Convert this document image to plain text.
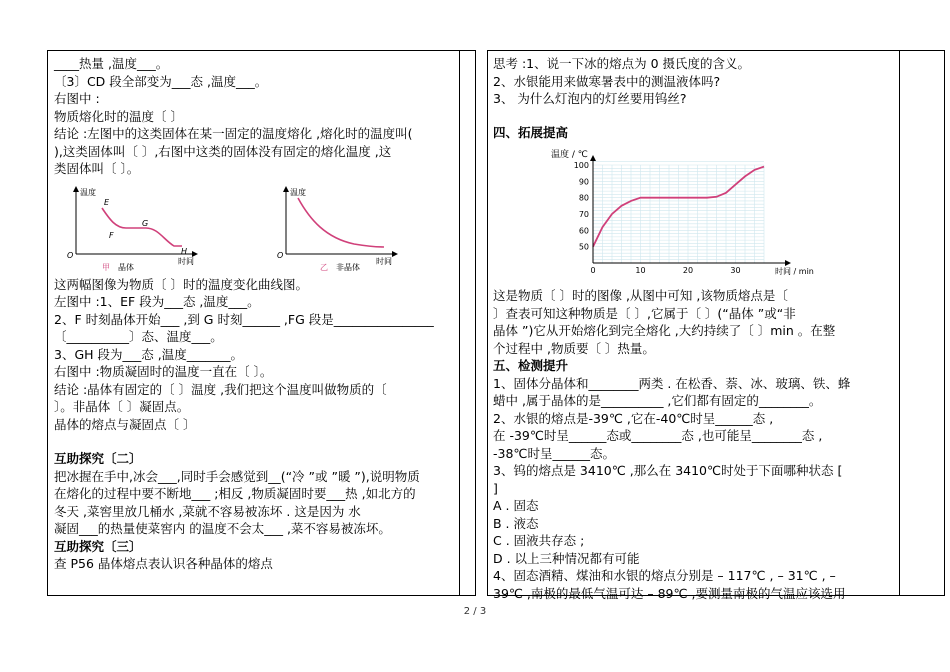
____热量 ,温度___。
〔3〕CD 段全部变为___态 ,温度___。
右图中 :
物质熔化时的温度〔 〕
结论 :左图中的这类固体在某一固定的温度熔化 ,熔化时的温度叫(
),这类固体叫〔 〕,右图中这类的固体没有固定的熔化温度 ,这
类固体叫〔 〕。
温度
时间
O
E
F
G
H
甲 晶体
温度
时间
O
乙 非晶体
这两幅图像为物质〔 〕时的温度变化曲线图。
左图中 :1、EF 段为___态 ,温度___。
2、F 时刻晶体开始___ ,到 G 时刻______ ,FG 段是________________
〔__________〕态、温度___。
3、GH 段为___态 ,温度_______。
右图中 :物质凝固时的温度一直在〔 〕。
结论 :晶体有固定的〔 〕温度 ,我们把这个温度叫做物质的〔
〕。非晶体〔 〕凝固点。
晶体的熔点与凝固点〔 〕
互助探究〔二〕
把冰握在手中,冰会___,同时手会感觉到__(“冷 ”或 ”暖 ”),说明物质
在熔化的过程中要不断地___ ;相反 ,物质凝固时要___热 ,如北方的
冬天 ,菜窖里放几桶水 ,菜就不容易被冻坏 . 这是因为 水
凝固___的热量使菜窖内 的温度不会太___ ,菜不容易被冻坏。
互助探究〔三〕
查 P56 晶体熔点表认识各种晶体的熔点
思考 :1、说一下冰的熔点为 0 摄氏度的含义。
2、水银能用来做寒暑表中的测温液体吗?
3、 为什么灯泡内的灯丝要用钨丝?
四、拓展提高
温度 / ℃
时间 / min
50
60
70
80
90
100
0	10	20	30
这是物质〔 〕时的图像 ,从图中可知 ,该物质熔点是〔
〕查表可知这种物质是〔 〕,它属于〔 〕(“晶体 ”或“非
晶体 ”)它从开始熔化到完全熔化 ,大约持续了〔 〕min 。在整
个过程中 ,物质要〔 〕热量。
五、检测提升
1、固体分晶体和________两类 . 在松香、萘、冰、玻璃、铁、蜂
蜡中 ,属于晶体的是__________ ,它们都有固定的________。
2、水银的熔点是-39℃ ,它在-40℃时呈______态 ,
在 -39℃时呈______态或________态 ,也可能呈________态 ,
-38℃时呈______态。
3、钨的熔点是 3410℃ ,那么在 3410℃时处于下面哪种状态 [
]
A . 固态
B . 液态
C . 固液共存态 ;
D . 以上三种情况都有可能
4、固态酒精、煤油和水银的熔点分别是 – 117℃ , – 31℃ , –
39℃ ,南极的最低气温可达 – 89℃ ,要测量南极的气温应该选用
2 / 3
